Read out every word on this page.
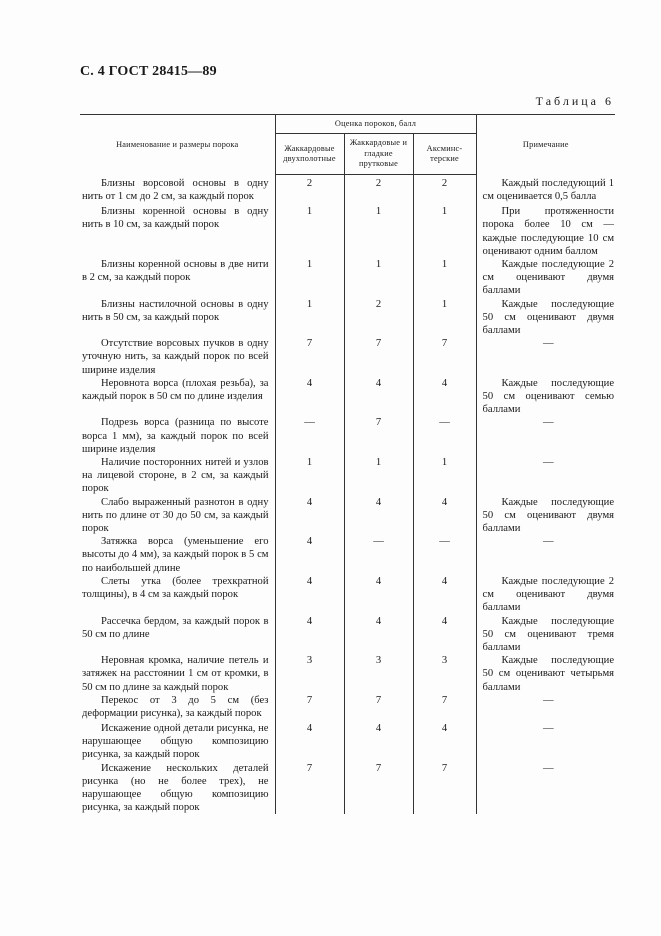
С. 4 ГОСТ 28415—89
Таблица 6
Наименование и размеры порока	Оценка пороков, балл			Примечание
	Жаккардовые двухполотные	Жаккардовые и гладкие прутковые	Аксминс-терские	
Близны ворсовой основы в одну нить от 1 см до 2 см, за каждый порок	2	2	2	Каждый последующий 1 см оценивается 0,5 балла
Близны коренной основы в одну нить в 10 см, за каждый порок	1	1	1	При протяженности порока более 10 см — каждые последующие 10 см оценивают одним баллом
Близны коренной основы в две нити в 2 см, за каждый порок	1	1	1	Каждые последующие 2 см оценивают двумя баллами
Близны настилочной основы в одну нить в 50 см, за каждый порок	1	2	1	Каждые последующие 50 см оценивают двумя баллами
Отсутствие ворсовых пучков в одну уточную нить, за каждый порок по всей ширине изделия	7	7	7	—
Неровнота ворса (плохая резьба), за каждый порок в 50 см по длине изделия	4	4	4	Каждые последующие 50 см оценивают семью баллами
Подрезь ворса (разница по высоте ворса 1 мм), за каждый порок по всей ширине изделия	—	7	—	—
Наличие посторонних нитей и узлов на лицевой стороне, в 2 см, за каждый порок	1	1	1	—
Слабо выраженный разнотон в одну нить по длине от 30 до 50 см, за каждый порок	4	4	4	Каждые последующие 50 см оценивают двумя баллами
Затяжка ворса (уменьшение его высоты до 4 мм), за каждый порок в 5 см по наибольшей длине	4	—	—	—
Слеты утка (более трехкратной толщины), в 4 см за каждый порок	4	4	4	Каждые последующие 2 см оценивают двумя баллами
Рассечка бердом, за каждый порок в 50 см по длине	4	4	4	Каждые последующие 50 см оценивают тремя баллами
Неровная кромка, наличие петель и затяжек на расстоянии 1 см от кромки, в 50 см по длине за каждый порок	3	3	3	Каждые последующие 50 см оценивают четырьмя баллами
Перекос от 3 до 5 см (без деформации рисунка), за каждый порок	7	7	7	—
Искажение одной детали рисунка, не нарушающее общую композицию рисунка, за каждый порок	4	4	4	—
Искажение нескольких деталей рисунка (но не более трех), не нарушающее общую композицию рисунка, за каждый порок	7	7	7	—
